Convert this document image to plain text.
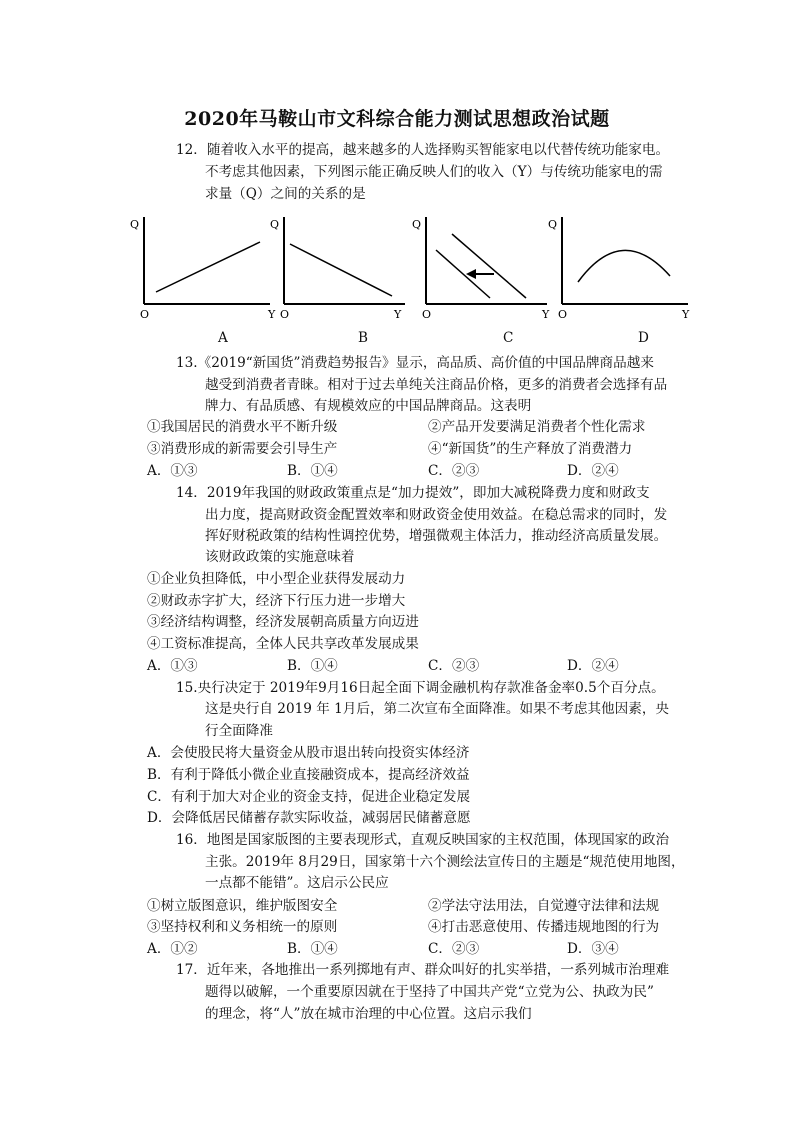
2020年马鞍山市文科综合能力测试思想政治试题
12．随着收入水平的提高，越来越多的人选择购买智能家电以代替传统功能家电。
不考虑其他因素，下列图示能正确反映人们的收入（Y）与传统功能家电的需
求量（Q）之间的关系的是
Q
O	Y
A
Q
O	Y
B
Q
O	Y
C
Q
O	Y
D
13.《2019“新国货”消费趋势报告》显示，高品质、高价值的中国品牌商品越来
越受到消费者青睐。相对于过去单纯关注商品价格，更多的消费者会选择有品
牌力、有品质感、有规模效应的中国品牌商品。这表明
①我国居民的消费水平不断升级	②产品开发要满足消费者个性化需求
③消费形成的新需要会引导生产	④“新国货”的生产释放了消费潜力
A．①③	B．①④	C．②③	D．②④
14．2019年我国的财政政策重点是“加力提效”，即加大减税降费力度和财政支
出力度，提高财政资金配置效率和财政资金使用效益。在稳总需求的同时，发
挥好财税政策的结构性调控优势，增强微观主体活力，推动经济高质量发展。
该财政政策的实施意味着
①企业负担降低，中小型企业获得发展动力
②财政赤字扩大，经济下行压力进一步增大
③经济结构调整，经济发展朝高质量方向迈进
④工资标准提高，全体人民共享改革发展成果
A．①③	B．①④	C．②③	D．②④
15.央行决定于 2019年9月16日起全面下调金融机构存款准备金率0.5个百分点。
这是央行自 2019 年 1月后，第二次宣布全面降准。如果不考虑其他因素，央
行全面降准
A．会使股民将大量资金从股市退出转向投资实体经济
B．有利于降低小微企业直接融资成本，提高经济效益
C．有利于加大对企业的资金支持，促进企业稳定发展
D．会降低居民储蓄存款实际收益，减弱居民储蓄意愿
16．地图是国家版图的主要表现形式，直观反映国家的主权范围，体现国家的政治
主张。2019年 8月29日，国家第十六个测绘法宣传日的主题是“规范使用地图，
一点都不能错”。这启示公民应
①树立版图意识，维护版图安全	②学法守法用法，自觉遵守法律和法规
③坚持权利和义务相统一的原则	④打击恶意使用、传播违规地图的行为
A．①②	B．①④	C．②③	D．③④
17．近年来，各地推出一系列掷地有声、群众叫好的扎实举措，一系列城市治理难
题得以破解，一个重要原因就在于坚持了中国共产党“立党为公、执政为民”
的理念，将“人”放在城市治理的中心位置。这启示我们
